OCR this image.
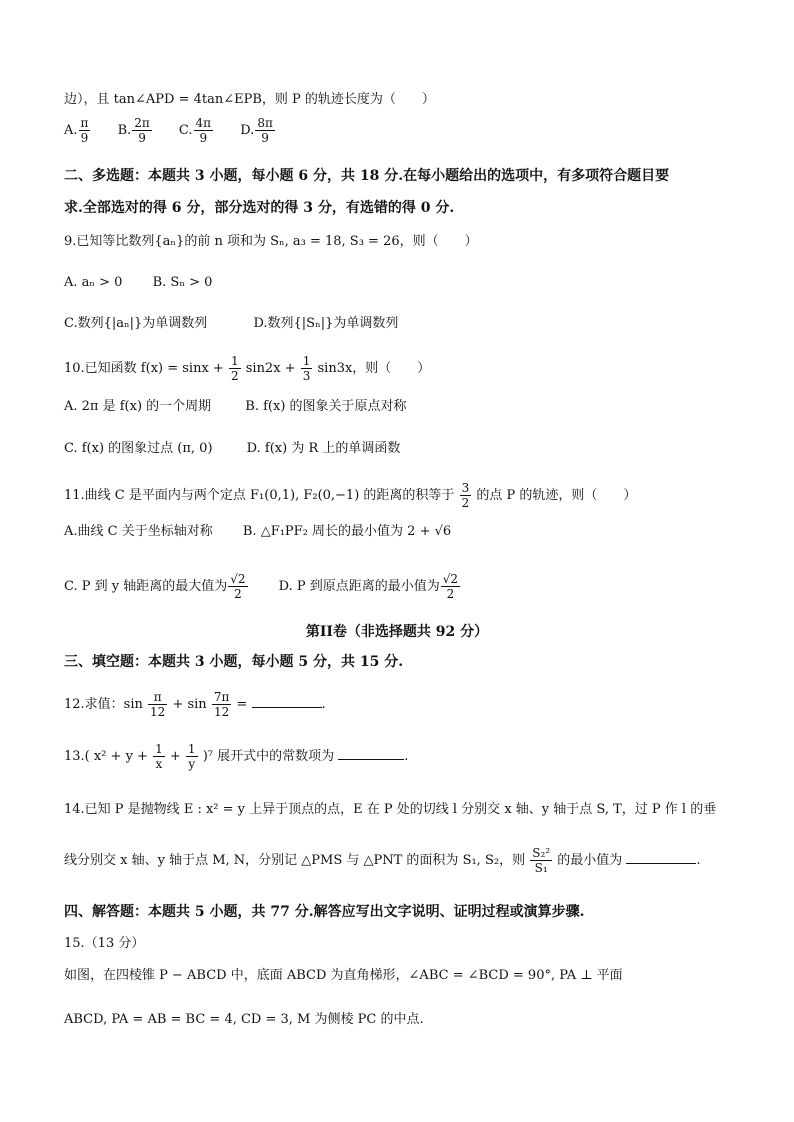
边），且 tan∠APD = 4tan∠EPB，则 P 的轨迹长度为（　　）
A. $\frac{\pi}{9} B$. $\frac{2\pi}{9} C$. $\frac{4\pi}{9} D$. $\frac{8\pi}{9}$
二、多选题：本题共 3 小题，每小题 6 分，共 18 分.在每小题给出的选项中，有多项符合题目要
求.全部选对的得 6 分，部分选对的得 3 分，有选错的得 0 分.
9.已知等比数列{aₙ}的前 n 项和为 Sₙ, a₃ = 18, S₃ = 26，则（　　）
A. aₙ > 0 B. Sₙ > 0
C.数列{|aₙ|}为单调数列	D.数列{|Sₙ|}为单调数列
10.已知函数 $f(x) = \sin x + \frac{1}{2} \sin 2x + \frac{1}{3} \sin 3x$，则（　　）
A. 2π 是 f(x) 的一个周期	B. f(x) 的图象关于原点对称
C. f(x) 的图象过点 (π, 0)	D. f(x) 为 R 上的单调函数
11.曲线 C 是平面内与两个定点 F₁(0,1), F₂(0,−1) 的距离的积等于 $\frac{3}{2}$ 的点 P 的轨迹，则（　　）
A.曲线 C 关于坐标轴对称 B. △F₁PF₂ 周长的最小值为 2 + √6
C. P 到 y 轴距离的最大值为 $\frac{√2}{2} D$. P 到原点距离的最小值为 $\frac{√2}{2}$
第II卷（非选择题共 92 分）
三、填空题：本题共 3 小题，每小题 5 分，共 15 分.
12.求值：$\sin \frac{\pi}{12} + \sin \frac{7\pi}{12}$ =	.
13.( $x^2 + y + \frac{1}{x} + \frac{1}{y} )^7$ 展开式中的常数项为	.
14.已知 P 是抛物线 E : x² = y 上异于顶点的点，E 在 P 处的切线 l 分别交 x 轴、y 轴于点 S, T，过 P 作 l 的垂
线分别交 x 轴、y 轴于点 M, N，分别记 △PMS 与 △PNT 的面积为 S₁, S₂，则 $\frac{\text{S₂²}}{\text{S₁}}$ 的最小值为	.
四、解答题：本题共 5 小题，共 77 分.解答应写出文字说明、证明过程或演算步骤.
15.（13 分）
如图，在四棱锥 P − ABCD 中，底面 ABCD 为直角梯形，∠ABC = ∠BCD = 90°, PA ⊥ 平面
ABCD, PA = AB = BC = 4, CD = 3, M 为侧棱 PC 的中点.
